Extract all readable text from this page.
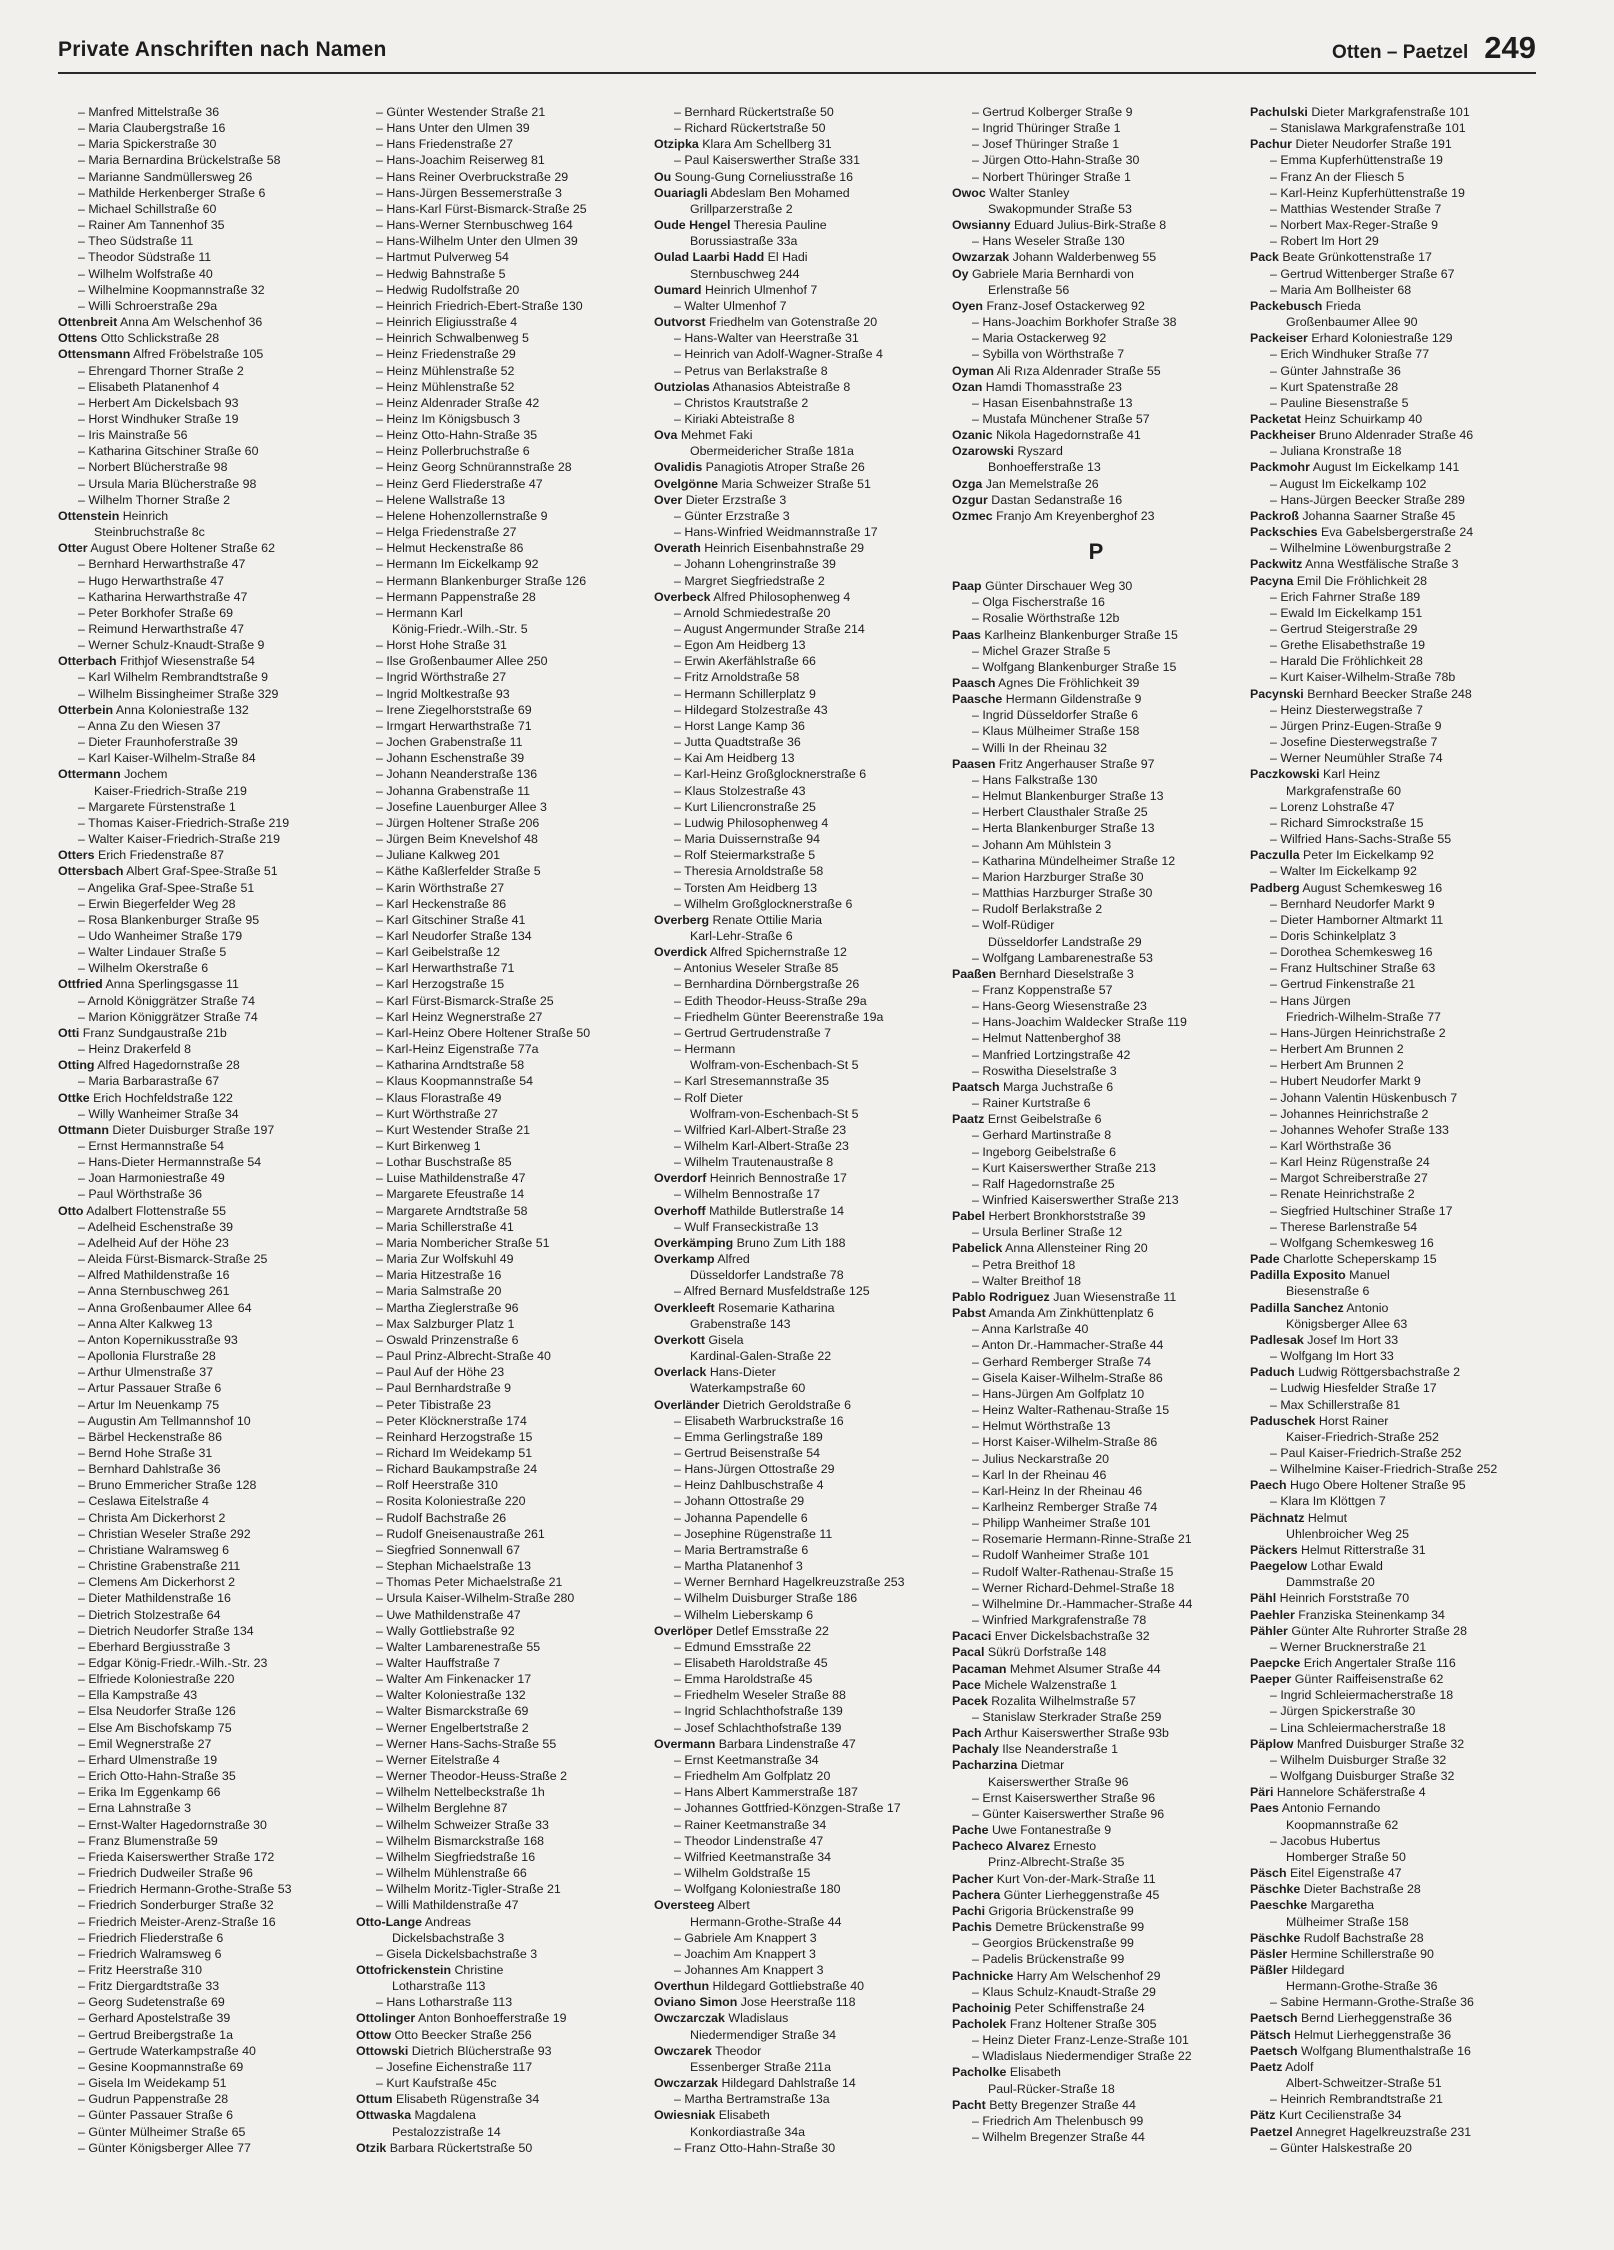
Private Anschriften nach Namen	Otten – Paetzel 249
– Manfred Mittelstraße 36
– Maria Claubergstraße 16
– Maria Spickerstraße 30
– Maria Bernardina Brückelstraße 58
– Marianne Sandmüllersweg 26
– Mathilde Herkenberger Straße 6
– Michael Schillstraße 60
– Rainer Am Tannenhof 35
– Theo Südstraße 11
– Theodor Südstraße 11
– Wilhelm Wolfstraße 40
– Wilhelmine Koopmannstraße 32
– Willi Schroerstraße 29a
Ottenbreit Anna Am Welschenhof 36
Ottens Otto Schlickstraße 28
Ottensmann Alfred Fröbelstraße 105
– Ehrengard Thorner Straße 2
– Elisabeth Platanenhof 4
– Herbert Am Dickelsbach 93
– Horst Windhuker Straße 19
– Iris Mainstraße 56
– Katharina Gitschiner Straße 60
– Norbert Blücherstraße 98
– Ursula Maria Blücherstraße 98
– Wilhelm Thorner Straße 2
Ottenstein Heinrich
Steinbruchstraße 8c
Otter August Obere Holtener Straße 62
– Bernhard Herwarthstraße 47
– Hugo Herwarthstraße 47
– Katharina Herwarthstraße 47
– Peter Borkhofer Straße 69
– Reimund Herwarthstraße 47
– Werner Schulz-Knaudt-Straße 9
Otterbach Frithjof Wiesenstraße 54
– Karl Wilhelm Rembrandtstraße 9
– Wilhelm Bissingheimer Straße 329
Otterbein Anna Koloniestraße 132
– Anna Zu den Wiesen 37
– Dieter Fraunhoferstraße 39
– Karl Kaiser-Wilhelm-Straße 84
Ottermann Jochem
Kaiser-Friedrich-Straße 219
– Margarete Fürstenstraße 1
– Thomas Kaiser-Friedrich-Straße 219
– Walter Kaiser-Friedrich-Straße 219
Otters Erich Friedenstraße 87
Ottersbach Albert Graf-Spee-Straße 51
– Angelika Graf-Spee-Straße 51
– Erwin Biegerfelder Weg 28
– Rosa Blankenburger Straße 95
– Udo Wanheimer Straße 179
– Walter Lindauer Straße 5
– Wilhelm Okerstraße 6
Ottfried Anna Sperlingsgasse 11
– Arnold Königgrätzer Straße 74
– Marion Königgrätzer Straße 74
Otti Franz Sundgaustraße 21b
– Heinz Drakerfeld 8
Otting Alfred Hagedornstraße 28
– Maria Barbarastraße 67
Ottke Erich Hochfeldstraße 122
– Willy Wanheimer Straße 34
Ottmann Dieter Duisburger Straße 197
– Ernst Hermannstraße 54
– Hans-Dieter Hermannstraße 54
– Joan Harmoniestraße 49
– Paul Wörthstraße 36
Otto Adalbert Flottenstraße 55
– Adelheid Eschenstraße 39
– Adelheid Auf der Höhe 23
– Aleida Fürst-Bismarck-Straße 25
– Alfred Mathildenstraße 16
– Anna Sternbuschweg 261
– Anna Großenbaumer Allee 64
– Anna Alter Kalkweg 13
– Anton Kopernikusstraße 93
– Apollonia Flurstraße 28
– Arthur Ulmenstraße 37
– Artur Passauer Straße 6
– Artur Im Neuenkamp 75
– Augustin Am Tellmannshof 10
– Bärbel Heckenstraße 86
– Bernd Hohe Straße 31
– Bernhard Dahlstraße 36
– Bruno Emmericher Straße 128
– Ceslawa Eitelstraße 4
– Christa Am Dickerhorst 2
– Christian Weseler Straße 292
– Christiane Walramsweg 6
– Christine Grabenstraße 211
– Clemens Am Dickerhorst 2
– Dieter Mathildenstraße 16
– Dietrich Stolzestraße 64
– Dietrich Neudorfer Straße 134
– Eberhard Bergiusstraße 3
– Edgar König-Friedr.-Wilh.-Str. 23
– Elfriede Koloniestraße 220
– Ella Kampstraße 43
– Elsa Neudorfer Straße 126
– Else Am Bischofskamp 75
– Emil Wegnerstraße 27
– Erhard Ulmenstraße 19
– Erich Otto-Hahn-Straße 35
– Erika Im Eggenkamp 66
– Erna Lahnstraße 3
– Ernst-Walter Hagedornstraße 30
– Franz Blumenstraße 59
– Frieda Kaiserswerther Straße 172
– Friedrich Dudweiler Straße 96
– Friedrich Hermann-Grothe-Straße 53
– Friedrich Sonderburger Straße 32
– Friedrich Meister-Arenz-Straße 16
– Friedrich Fliederstraße 6
– Friedrich Walramsweg 6
– Fritz Heerstraße 310
– Fritz Diergardtstraße 33
– Georg Sudetenstraße 69
– Gerhard Apostelstraße 39
– Gertrud Breibergstraße 1a
– Gertrude Waterkampstraße 40
– Gesine Koopmannstraße 69
– Gisela Im Weidekamp 51
– Gudrun Pappenstraße 28
– Günter Passauer Straße 6
– Günter Mülheimer Straße 65
– Günter Königsberger Allee 77
– Günter Westender Straße 21
– Hans Unter den Ulmen 39
– Hans Friedenstraße 27
– Hans-Joachim Reiserweg 81
– Hans Reiner Overbruckstraße 29
– Hans-Jürgen Bessemerstraße 3
– Hans-Karl Fürst-Bismarck-Straße 25
– Hans-Werner Sternbuschweg 164
– Hans-Wilhelm Unter den Ulmen 39
– Hartmut Pulverweg 54
– Hedwig Bahnstraße 5
– Hedwig Rudolfstraße 20
– Heinrich Friedrich-Ebert-Straße 130
– Heinrich Eligiusstraße 4
– Heinrich Schwalbenweg 5
– Heinz Friedenstraße 29
– Heinz Mühlenstraße 52
– Heinz Mühlenstraße 52
– Heinz Aldenrader Straße 42
– Heinz Im Königsbusch 3
– Heinz Otto-Hahn-Straße 35
– Heinz Pollerbruchstraße 6
– Heinz Georg Schnürannstraße 28
– Heinz Gerd Fliederstraße 47
– Helene Wallstraße 13
– Helene Hohenzollernstraße 9
– Helga Friedenstraße 27
– Helmut Heckenstraße 86
– Hermann Im Eickelkamp 92
– Hermann Blankenburger Straße 126
– Hermann Pappenstraße 28
– Hermann Karl
König-Friedr.-Wilh.-Str. 5
– Horst Hohe Straße 31
– Ilse Großenbaumer Allee 250
– Ingrid Wörthstraße 27
– Ingrid Moltkestraße 93
– Irene Ziegelhorststraße 69
– Irmgart Herwarthstraße 71
– Jochen Grabenstraße 11
– Johann Eschenstraße 39
– Johann Neanderstraße 136
– Johanna Grabenstraße 11
– Josefine Lauenburger Allee 3
– Jürgen Holtener Straße 206
– Jürgen Beim Knevelshof 48
– Juliane Kalkweg 201
– Käthe Kaßlerfelder Straße 5
– Karin Wörthstraße 27
– Karl Heckenstraße 86
– Karl Gitschiner Straße 41
– Karl Neudorfer Straße 134
– Karl Geibelstraße 12
– Karl Herwarthstraße 71
– Karl Herzogstraße 15
– Karl Fürst-Bismarck-Straße 25
– Karl Heinz Wegnerstraße 27
– Karl-Heinz Obere Holtener Straße 50
– Karl-Heinz Eigenstraße 77a
– Katharina Arndtstraße 58
– Klaus Koopmannstraße 54
– Klaus Florastraße 49
– Kurt Wörthstraße 27
– Kurt Westender Straße 21
– Kurt Birkenweg 1
– Lothar Buschstraße 85
– Luise Mathildenstraße 47
– Margarete Efeustraße 14
– Margarete Arndtstraße 58
– Maria Schillerstraße 41
– Maria Nombericher Straße 51
– Maria Zur Wolfskuhl 49
– Maria Hitzestraße 16
– Maria Salmstraße 20
– Martha Zieglerstraße 96
– Max Salzburger Platz 1
– Oswald Prinzenstraße 6
– Paul Prinz-Albrecht-Straße 40
– Paul Auf der Höhe 23
– Paul Bernhardstraße 9
– Peter Tibistraße 23
– Peter Klöcknerstraße 174
– Reinhard Herzogstraße 15
– Richard Im Weidekamp 51
– Richard Baukampstraße 24
– Rolf Heerstraße 310
– Rosita Koloniestraße 220
– Rudolf Bachstraße 26
– Rudolf Gneisenaustraße 261
– Siegfried Sonnenwall 67
– Stephan Michaelstraße 13
– Thomas Peter Michaelstraße 21
– Ursula Kaiser-Wilhelm-Straße 280
– Uwe Mathildenstraße 47
– Wally Gottliebstraße 92
– Walter Lambarenestraße 55
– Walter Hauffstraße 7
– Walter Am Finkenacker 17
– Walter Koloniestraße 132
– Walter Bismarckstraße 69
– Werner Engelbertstraße 2
– Werner Hans-Sachs-Straße 55
– Werner Eitelstraße 4
– Werner Theodor-Heuss-Straße 2
– Wilhelm Nettelbeckstraße 1h
– Wilhelm Berglehne 87
– Wilhelm Schweizer Straße 33
– Wilhelm Bismarckstraße 168
– Wilhelm Siegfriedstraße 16
– Wilhelm Mühlenstraße 66
– Wilhelm Moritz-Tigler-Straße 21
– Willi Mathildenstraße 47
Otto-Lange Andreas
Dickelsbachstraße 3
– Gisela Dickelsbachstraße 3
Ottofrickenstein Christine
Lotharstraße 113
– Hans Lotharstraße 113
Ottolinger Anton Bonhoefferstraße 19
Ottow Otto Beecker Straße 256
Ottowski Dietrich Blücherstraße 93
– Josefine Eichenstraße 117
– Kurt Kaufstraße 45c
Ottum Elisabeth Rügenstraße 34
Ottwaska Magdalena
Pestalozzistraße 14
Otzik Barbara Rückertstraße 50
– Bernhard Rückertstraße 50
– Richard Rückertstraße 50
Otzipka Klara Am Schellberg 31
– Paul Kaiserswerther Straße 331
Ou Soung-Gung Corneliusstraße 16
Ouariagli Abdeslam Ben Mohamed
Grillparzerstraße 2
Oude Hengel Theresia Pauline
Borussiastraße 33a
Oulad Laarbi Hadd El Hadi
Sternbuschweg 244
Oumard Heinrich Ulmenhof 7
– Walter Ulmenhof 7
Outvorst Friedhelm van Gotenstraße 20
– Hans-Walter van Heerstraße 31
– Heinrich van Adolf-Wagner-Straße 4
– Petrus van Berlakstraße 8
Outziolas Athanasios Abteistraße 8
– Christos Krautstraße 2
– Kiriaki Abteistraße 8
Ova Mehmet Faki
Obermeidericher Straße 181a
Ovalidis Panagiotis Atroper Straße 26
Ovelgönne Maria Schweizer Straße 51
Over Dieter Erzstraße 3
– Günter Erzstraße 3
– Hans-Winfried Weidmannstraße 17
Overath Heinrich Eisenbahnstraße 29
– Johann Lohengrinstraße 39
– Margret Siegfriedstraße 2
Overbeck Alfred Philosophenweg 4
– Arnold Schmiedestraße 20
– August Angermunder Straße 214
– Egon Am Heidberg 13
– Erwin Akerfählstraße 66
– Fritz Arnoldstraße 58
– Hermann Schillerplatz 9
– Hildegard Stolzestraße 43
– Horst Lange Kamp 36
– Jutta Quadtstraße 36
– Kai Am Heidberg 13
– Karl-Heinz Großglocknerstraße 6
– Klaus Stolzestraße 43
– Kurt Liliencronstraße 25
– Ludwig Philosophenweg 4
– Maria Duissernstraße 94
– Rolf Steiermarkstraße 5
– Theresia Arnoldstraße 58
– Torsten Am Heidberg 13
– Wilhelm Großglocknerstraße 6
Overberg Renate Ottilie Maria
Karl-Lehr-Straße 6
Overdick Alfred Spichernstraße 12
– Antonius Weseler Straße 85
– Bernhardina Dörnbergstraße 26
– Edith Theodor-Heuss-Straße 29a
– Friedhelm Günter Beerenstraße 19a
– Gertrud Gertrudenstraße 7
– Hermann
Wolfram-von-Eschenbach-St 5
– Karl Stresemannstraße 35
– Rolf Dieter
Wolfram-von-Eschenbach-St 5
– Wilfried Karl-Albert-Straße 23
– Wilhelm Karl-Albert-Straße 23
– Wilhelm Trautenaustraße 8
Overdorf Heinrich Bennostraße 17
– Wilhelm Bennostraße 17
Overhoff Mathilde Butlerstraße 14
– Wulf Franseckistraße 13
Overkämping Bruno Zum Lith 188
Overkamp Alfred
Düsseldorfer Landstraße 78
– Alfred Bernard Musfeldstraße 125
Overkleeft Rosemarie Katharina
Grabenstraße 143
Overkott Gisela
Kardinal-Galen-Straße 22
Overlack Hans-Dieter
Waterkampstraße 60
Overländer Dietrich Geroldstraße 6
– Elisabeth Warbruckstraße 16
– Emma Gerlingstraße 189
– Gertrud Beisenstraße 54
– Hans-Jürgen Ottostraße 29
– Heinz Dahlbuschstraße 4
– Johann Ottostraße 29
– Johanna Papendelle 6
– Josephine Rügenstraße 11
– Maria Bertramstraße 6
– Martha Platanenhof 3
– Werner Bernhard Hagelkreuzstraße 253
– Wilhelm Duisburger Straße 186
– Wilhelm Lieberskamp 6
Overlöper Detlef Emsstraße 22
– Edmund Emsstraße 22
– Elisabeth Haroldstraße 45
– Emma Haroldstraße 45
– Friedhelm Weseler Straße 88
– Ingrid Schlachthofstraße 139
– Josef Schlachthofstraße 139
Overmann Barbara Lindenstraße 47
– Ernst Keetmanstraße 34
– Friedhelm Am Golfplatz 20
– Hans Albert Kammerstraße 187
– Johannes Gottfried-Könzgen-Straße 17
– Rainer Keetmanstraße 34
– Theodor Lindenstraße 47
– Wilfried Keetmanstraße 34
– Wilhelm Goldstraße 15
– Wolfgang Koloniestraße 180
Oversteeg Albert
Hermann-Grothe-Straße 44
– Gabriele Am Knappert 3
– Joachim Am Knappert 3
– Johannes Am Knappert 3
Overthun Hildegard Gottliebstraße 40
Oviano Simon Jose Heerstraße 118
Owczarczak Wladislaus
Niedermendiger Straße 34
Owczarek Theodor
Essenberger Straße 211a
Owczarzak Hildegard Dahlstraße 14
– Martha Bertramstraße 13a
Owiesniak Elisabeth
Konkordiastraße 34a
– Franz Otto-Hahn-Straße 30
– Gertrud Kolberger Straße 9
– Ingrid Thüringer Straße 1
– Josef Thüringer Straße 1
– Jürgen Otto-Hahn-Straße 30
– Norbert Thüringer Straße 1
Owoc Walter Stanley
Swakopmunder Straße 53
Owsianny Eduard Julius-Birk-Straße 8
– Hans Weseler Straße 130
Owzarzak Johann Walderbenweg 55
Oy Gabriele Maria Bernhardi von
Erlenstraße 56
Oyen Franz-Josef Ostackerweg 92
– Hans-Joachim Borkhofer Straße 38
– Maria Ostackerweg 92
– Sybilla von Wörthstraße 7
Oyman Ali Rıza Aldenrader Straße 55
Ozan Hamdi Thomasstraße 23
– Hasan Eisenbahnstraße 13
– Mustafa Münchener Straße 57
Ozanic Nikola Hagedornstraße 41
Ozarowski Ryszard
Bonhoefferstraße 13
Ozga Jan Memelstraße 26
Ozgur Dastan Sedanstraße 16
Ozmec Franjo Am Kreyenberghof 23
P
Paap Günter Dirschauer Weg 30
– Olga Fischerstraße 16
– Rosalie Wörthstraße 12b
Paas Karlheinz Blankenburger Straße 15
– Michel Grazer Straße 5
– Wolfgang Blankenburger Straße 15
Paasch Agnes Die Fröhlichkeit 39
Paasche Hermann Gildenstraße 9
– Ingrid Düsseldorfer Straße 6
– Klaus Mülheimer Straße 158
– Willi In der Rheinau 32
Paasen Fritz Angerhauser Straße 97
– Hans Falkstraße 130
– Helmut Blankenburger Straße 13
– Herbert Clausthaler Straße 25
– Herta Blankenburger Straße 13
– Johann Am Mühlstein 3
– Katharina Mündelheimer Straße 12
– Marion Harzburger Straße 30
– Matthias Harzburger Straße 30
– Rudolf Berlakstraße 2
– Wolf-Rüdiger
Düsseldorfer Landstraße 29
– Wolfgang Lambarenestraße 53
Paaßen Bernhard Dieselstraße 3
– Franz Koppenstraße 57
– Hans-Georg Wiesenstraße 23
– Hans-Joachim Waldecker Straße 119
– Helmut Nattenberghof 38
– Manfried Lortzingstraße 42
– Roswitha Dieselstraße 3
Paatsch Marga Juchstraße 6
– Rainer Kurtstraße 6
Paatz Ernst Geibelstraße 6
– Gerhard Martinstraße 8
– Ingeborg Geibelstraße 6
– Kurt Kaiserswerther Straße 213
– Ralf Hagedornstraße 25
– Winfried Kaiserswerther Straße 213
Pabel Herbert Bronkhorststraße 39
– Ursula Berliner Straße 12
Pabelick Anna Allensteiner Ring 20
– Petra Breithof 18
– Walter Breithof 18
Pablo Rodriguez Juan Wiesenstraße 11
Pabst Amanda Am Zinkhüttenplatz 6
– Anna Karlstraße 40
– Anton Dr.-Hammacher-Straße 44
– Gerhard Remberger Straße 74
– Gisela Kaiser-Wilhelm-Straße 86
– Hans-Jürgen Am Golfplatz 10
– Heinz Walter-Rathenau-Straße 15
– Helmut Wörthstraße 13
– Horst Kaiser-Wilhelm-Straße 86
– Julius Neckarstraße 20
– Karl In der Rheinau 46
– Karl-Heinz In der Rheinau 46
– Karlheinz Remberger Straße 74
– Philipp Wanheimer Straße 101
– Rosemarie Hermann-Rinne-Straße 21
– Rudolf Wanheimer Straße 101
– Rudolf Walter-Rathenau-Straße 15
– Werner Richard-Dehmel-Straße 18
– Wilhelmine Dr.-Hammacher-Straße 44
– Winfried Markgrafenstraße 78
Pacaci Enver Dickelsbachstraße 32
Pacal Sükrü Dorfstraße 148
Pacaman Mehmet Alsumer Straße 44
Pace Michele Walzenstraße 1
Pacek Rozalita Wilhelmstraße 57
– Stanislaw Sterkrader Straße 259
Pach Arthur Kaiserswerther Straße 93b
Pachaly Ilse Neanderstraße 1
Pacharzina Dietmar
Kaiserswerther Straße 96
– Ernst Kaiserswerther Straße 96
– Günter Kaiserswerther Straße 96
Pache Uwe Fontanestraße 9
Pacheco Alvarez Ernesto
Prinz-Albrecht-Straße 35
Pacher Kurt Von-der-Mark-Straße 11
Pachera Günter Lierheggenstraße 45
Pachi Grigoria Brückenstraße 99
Pachis Demetre Brückenstraße 99
– Georgios Brückenstraße 99
– Padelis Brückenstraße 99
Pachnicke Harry Am Welschenhof 29
– Klaus Schulz-Knaudt-Straße 29
Pachoinig Peter Schiffenstraße 24
Pacholek Franz Holtener Straße 305
– Heinz Dieter Franz-Lenze-Straße 101
– Wladislaus Niedermendiger Straße 22
Pacholke Elisabeth
Paul-Rücker-Straße 18
Pacht Betty Bregenzer Straße 44
– Friedrich Am Thelenbusch 99
– Wilhelm Bregenzer Straße 44
Pachulski Dieter Markgrafenstraße 101
– Stanislawa Markgrafenstraße 101
Pachur Dieter Neudorfer Straße 191
– Emma Kupferhüttenstraße 19
– Franz An der Fliesch 5
– Karl-Heinz Kupferhüttenstraße 19
– Matthias Westender Straße 7
– Norbert Max-Reger-Straße 9
– Robert Im Hort 29
Pack Beate Grünkottenstraße 17
– Gertrud Wittenberger Straße 67
– Maria Am Bollheister 68
Packebusch Frieda
Großenbaumer Allee 90
Packeiser Erhard Koloniestraße 129
– Erich Windhuker Straße 77
– Günter Jahnstraße 36
– Kurt Spatenstraße 28
– Pauline Biesenstraße 5
Packetat Heinz Schuirkamp 40
Packheiser Bruno Aldenrader Straße 46
– Juliana Kronstraße 18
Packmohr August Im Eickelkamp 141
– August Im Eickelkamp 102
– Hans-Jürgen Beecker Straße 289
Packroß Johanna Saarner Straße 45
Packschies Eva Gabelsbergerstraße 24
– Wilhelmine Löwenburgstraße 2
Packwitz Anna Westfälische Straße 3
Pacyna Emil Die Fröhlichkeit 28
– Erich Fahrner Straße 189
– Ewald Im Eickelkamp 151
– Gertrud Steigerstraße 29
– Grethe Elisabethstraße 19
– Harald Die Fröhlichkeit 28
– Kurt Kaiser-Wilhelm-Straße 78b
Pacynski Bernhard Beecker Straße 248
– Heinz Diesterwegstraße 7
– Jürgen Prinz-Eugen-Straße 9
– Josefine Diesterwegstraße 7
– Werner Neumühler Straße 74
Paczkowski Karl Heinz
Markgrafenstraße 60
– Lorenz Lohstraße 47
– Richard Simrockstraße 15
– Wilfried Hans-Sachs-Straße 55
Paczulla Peter Im Eickelkamp 92
– Walter Im Eickelkamp 92
Padberg August Schemkesweg 16
– Bernhard Neudorfer Markt 9
– Dieter Hamborner Altmarkt 11
– Doris Schinkelplatz 3
– Dorothea Schemkesweg 16
– Franz Hultschiner Straße 63
– Gertrud Finkenstraße 21
– Hans Jürgen
Friedrich-Wilhelm-Straße 77
– Hans-Jürgen Heinrichstraße 2
– Herbert Am Brunnen 2
– Herbert Am Brunnen 2
– Hubert Neudorfer Markt 9
– Johann Valentin Hüskenbusch 7
– Johannes Heinrichstraße 2
– Johannes Wehofer Straße 133
– Karl Wörthstraße 36
– Karl Heinz Rügenstraße 24
– Margot Schreiberstraße 27
– Renate Heinrichstraße 2
– Siegfried Hultschiner Straße 17
– Therese Barlenstraße 54
– Wolfgang Schemkesweg 16
Pade Charlotte Scheperskamp 15
Padilla Exposito Manuel
Biesenstraße 6
Padilla Sanchez Antonio
Königsberger Allee 63
Padlesak Josef Im Hort 33
– Wolfgang Im Hort 33
Paduch Ludwig Röttgersbachstraße 2
– Ludwig Hiesfelder Straße 17
– Max Schillerstraße 81
Paduschek Horst Rainer
Kaiser-Friedrich-Straße 252
– Paul Kaiser-Friedrich-Straße 252
– Wilhelmine Kaiser-Friedrich-Straße 252
Paech Hugo Obere Holtener Straße 95
– Klara Im Klöttgen 7
Pächnatz Helmut
Uhlenbroicher Weg 25
Päckers Helmut Ritterstraße 31
Paegelow Lothar Ewald
Dammstraße 20
Pähl Heinrich Forststraße 70
Paehler Franziska Steinenkamp 34
Pähler Günter Alte Ruhrorter Straße 28
– Werner Brucknerstraße 21
Paepcke Erich Angertaler Straße 116
Paeper Günter Raiffeisenstraße 62
– Ingrid Schleiermacherstraße 18
– Jürgen Spickerstraße 30
– Lina Schleiermacherstraße 18
Päplow Manfred Duisburger Straße 32
– Wilhelm Duisburger Straße 32
– Wolfgang Duisburger Straße 32
Päri Hannelore Schäferstraße 4
Paes Antonio Fernando
Koopmannstraße 62
– Jacobus Hubertus
Homberger Straße 50
Päsch Eitel Eigenstraße 47
Päschke Dieter Bachstraße 28
Paeschke Margaretha
Mülheimer Straße 158
Päschke Rudolf Bachstraße 28
Päsler Hermine Schillerstraße 90
Päßler Hildegard
Hermann-Grothe-Straße 36
– Sabine Hermann-Grothe-Straße 36
Paetsch Bernd Lierheggenstraße 36
Pätsch Helmut Lierheggenstraße 36
Paetsch Wolfgang Blumenthalstraße 16
Paetz Adolf
Albert-Schweitzer-Straße 51
– Heinrich Rembrandtstraße 21
Pätz Kurt Cecilienstraße 34
Paetzel Annegret Hagelkreuzstraße 231
– Günter Halskestraße 20
